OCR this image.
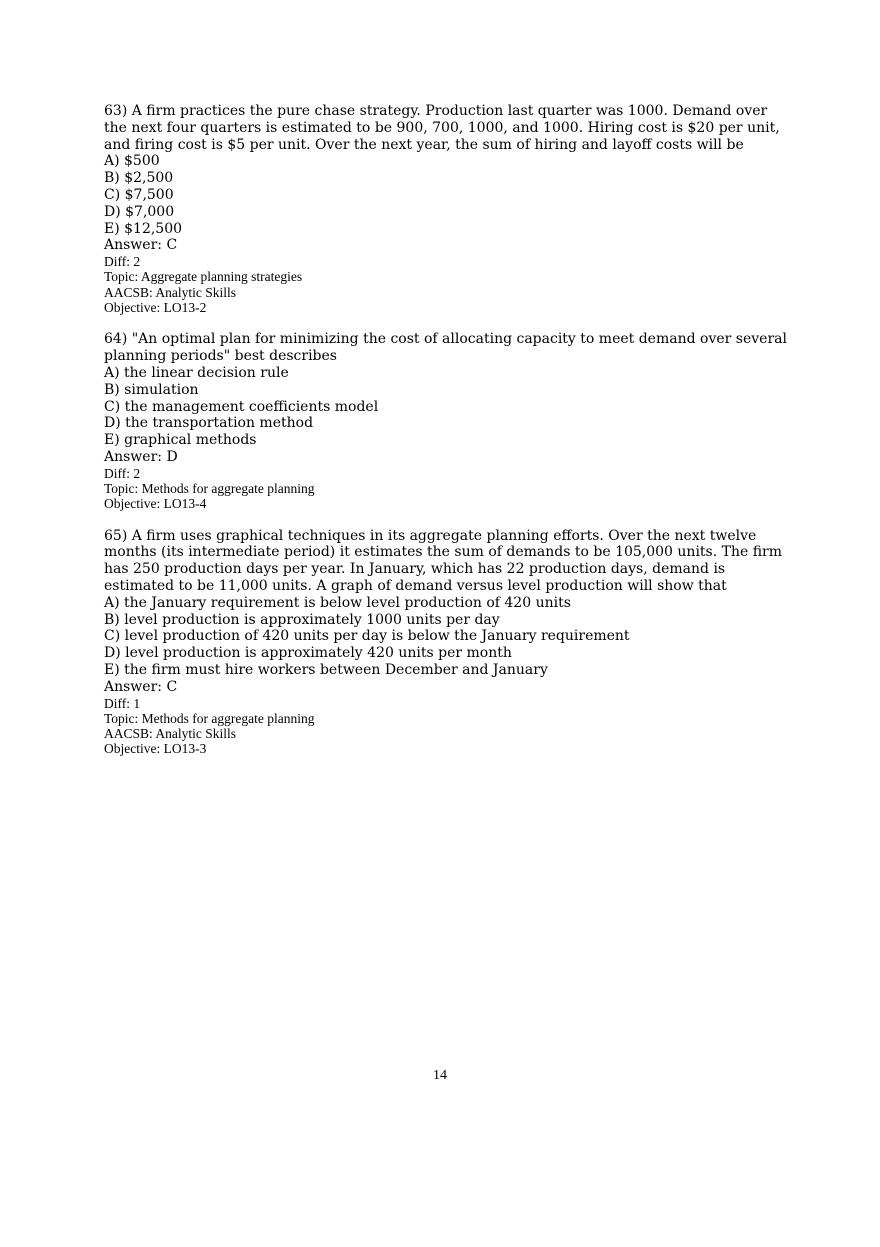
63) A firm practices the pure chase strategy. Production last quarter was 1000. Demand over the next four quarters is estimated to be 900, 700, 1000, and 1000. Hiring cost is $20 per unit, and firing cost is $5 per unit. Over the next year, the sum of hiring and layoff costs will be

A) $500
B) $2,500
C) $7,500
D) $7,000
E) $12,500

Answer: C

Diff: 2

Topic: Aggregate planning strategies

AACSB: Analytic Skills

Objective: LO13-2

64) "An optimal plan for minimizing the cost of allocating capacity to meet demand over several planning periods" best describes

A) the linear decision rule
B) simulation
C) the management coefficients model
D) the transportation method
E) graphical methods

Answer: D

Diff: 2

Topic: Methods for aggregate planning

Objective: LO13-4

65) A firm uses graphical techniques in its aggregate planning efforts. Over the next twelve months (its intermediate period) it estimates the sum of demands to be 105,000 units. The firm has 250 production days per year. In January, which has 22 production days, demand is estimated to be 11,000 units. A graph of demand versus level production will show that

A) the January requirement is below level production of 420 units
B) level production is approximately 1000 units per day
C) level production of 420 units per day is below the January requirement
D) level production is approximately 420 units per month
E) the firm must hire workers between December and January

Answer: C

Diff: 1

Topic: Methods for aggregate planning

AACSB: Analytic Skills

Objective: LO13-3

14
